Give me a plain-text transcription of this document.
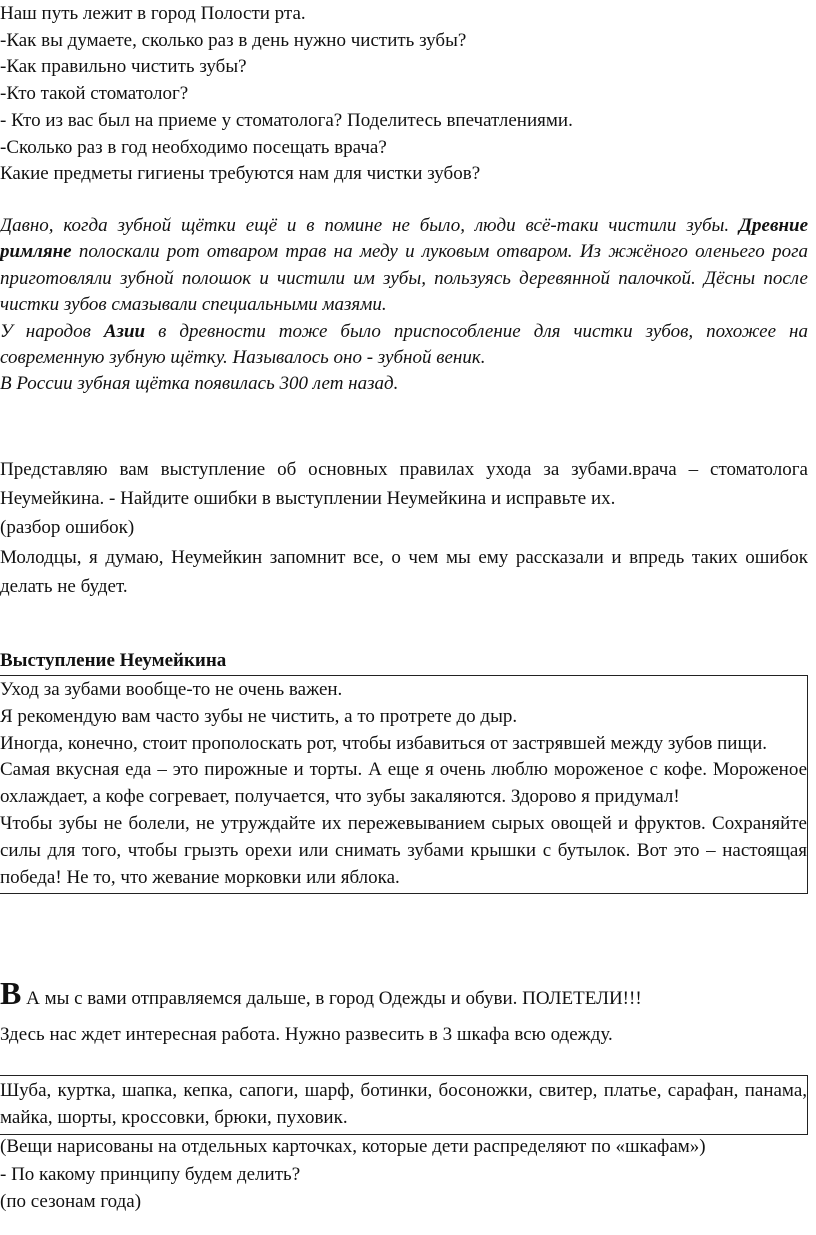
Наш путь лежит в город Полости рта.
-Как вы думаете, сколько раз в день нужно чистить зубы?
-Как правильно чистить зубы?
-Кто такой стоматолог?
- Кто из вас был на приеме у стоматолога? Поделитесь впечатлениями.
-Сколько раз в год необходимо посещать врача?
Какие предметы гигиены требуются нам для чистки зубов?

Давно, когда зубной щётки ещё и в помине не было, люди всё-таки чистили зубы. Древние римляне полоскали рот отваром трав на меду и луковым отваром. Из жжёного оленьего рога приготовляли зубной полошок и чистили им зубы, пользуясь деревянной палочкой. Дёсны после чистки зубов смазывали специальными мазями.

У народов Азии в древности тоже было приспособление для чистки зубов, похожее на современную зубную щётку. Называлось оно - зубной веник.

В России зубная щётка появилась 300 лет назад.

Представляю вам выступление об основных правилах ухода за зубами.врача – стоматолога Неумейкина. - Найдите ошибки в выступлении Неумейкина и исправьте их.

(разбор ошибок)

Молодцы, я думаю, Неумейкин запомнит все, о чем мы ему рассказали и впредь таких ошибок делать не будет.

Выступление Неумейкина

Уход за зубами вообще-то не очень важен.

Я рекомендую вам часто зубы не чистить, а то протрете до дыр.

Иногда, конечно, стоит прополоскать рот, чтобы избавиться от застрявшей между зубов пищи.

Самая вкусная еда – это пирожные и торты. А еще я очень люблю мороженое с кофе. Мороженое охлаждает, а кофе согревает, получается, что зубы закаляются. Здорово я придумал!

Чтобы зубы не болели, не утруждайте их пережевыванием сырых овощей и фруктов. Сохраняйте силы для того, чтобы грызть орехи или снимать зубами крышки с бутылок. Вот это – настоящая победа! Не то, что жевание морковки или яблока.

В А мы с вами отправляемся дальше, в город Одежды и обуви. ПОЛЕТЕЛИ!!!
Здесь нас ждет интересная работа. Нужно развесить в 3 шкафа всю одежду.

Шуба, куртка, шапка, кепка, сапоги, шарф, ботинки, босоножки, свитер, платье, сарафан, панама, майка, шорты, кроссовки, брюки, пуховик.

(Вещи нарисованы на отдельных карточках, которые дети распределяют по «шкафам»)

- По какому принципу будем делить?

(по сезонам года)
